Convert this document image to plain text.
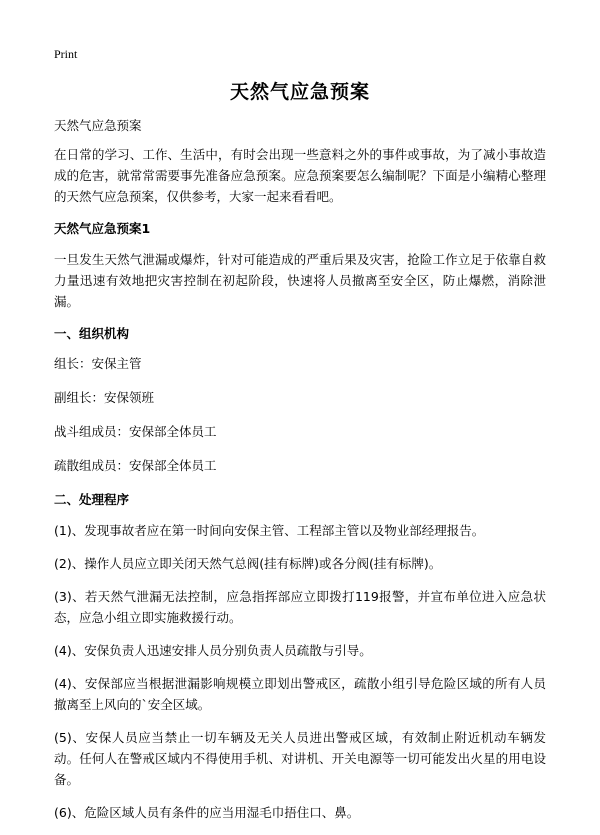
Print
天然气应急预案
天然气应急预案

在日常的学习、工作、生活中，有时会出现一些意料之外的事件或事故，为了减小事故造成的危害，就常常需要事先准备应急预案。应急预案要怎么编制呢？下面是小编精心整理的天然气应急预案，仅供参考，大家一起来看看吧。

天然气应急预案1

一旦发生天然气泄漏或爆炸，针对可能造成的严重后果及灾害，抢险工作立足于依靠自救力量迅速有效地把灾害控制在初起阶段，快速将人员撤离至安全区，防止爆燃，消除泄漏。

一、组织机构

组长：安保主管

副组长：安保领班

战斗组成员：安保部全体员工

疏散组成员：安保部全体员工

二、处理程序
(1)、发现事故者应在第一时间向安保主管、工程部主管以及物业部经理报告。
(2)、操作人员应立即关闭天然气总阀(挂有标牌)或各分阀(挂有标牌)。
(3)、若天然气泄漏无法控制，应急指挥部应立即拨打119报警，并宣布单位进入应急状态，应急小组立即实施救援行动。
(4)、安保负责人迅速安排人员分别负责人员疏散与引导。
(4)、安保部应当根据泄漏影响规模立即划出警戒区，疏散小组引导危险区域的所有人员撤离至上风向的`安全区域。
(5)、安保人员应当禁止一切车辆及无关人员进出警戒区域，有效制止附近机动车辆发动。任何人在警戒区域内不得使用手机、对讲机、开关电源等一切可能发出火星的用电设备。
(6)、危险区域人员有条件的应当用湿毛巾捂住口、鼻。
